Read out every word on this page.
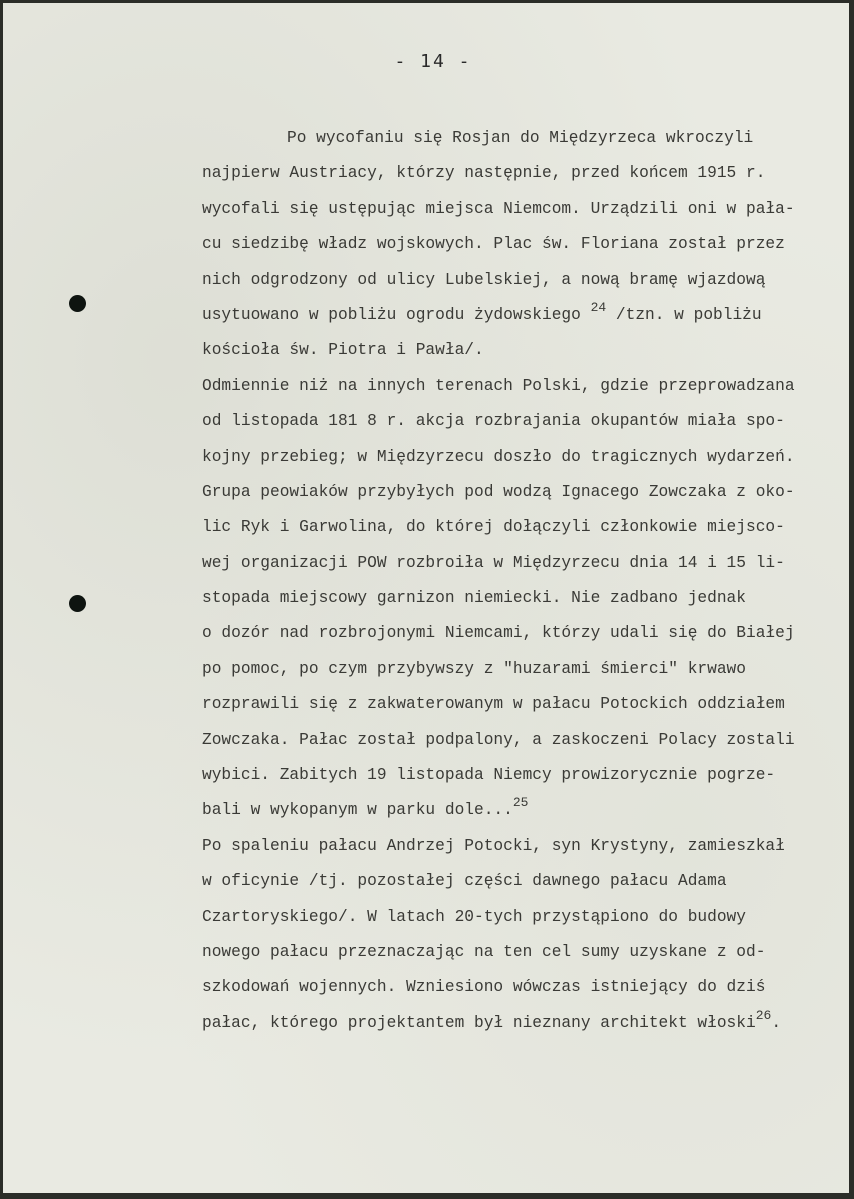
- 14 -
Po wycofaniu się Rosjan do Międzyrzeca wkroczyli
najpierw Austriacy, którzy następnie, przed końcem 1915 r.
wycofali się ustępując miejsca Niemcom. Urządzili oni w pała-
cu siedzibę władz wojskowych. Plac św. Floriana został przez
nich odgrodzony od ulicy Lubelskiej, a nową bramę wjazdową
usytuowano w pobliżu ogrodu żydowskiego $^{24}$ /tzn. w pobliżu
kościoła św. Piotra i Pawła/.
Odmiennie niż na innych terenach Polski, gdzie przeprowadzana
od listopada 181 8 r. akcja rozbrajania okupantów miała spo-
kojny przebieg; w Międzyrzecu doszło do tragicznych wydarzeń.
Grupa peowiaków przybyłych pod wodzą Ignacego Zowczaka z oko-
lic Ryk i Garwolina, do której dołączyli członkowie miejsco-
wej organizacji POW rozbroiła w Międzyrzecu dnia 14 i 15 li-
stopada miejscowy garnizon niemiecki. Nie zadbano jednak
o dozór nad rozbrojonymi Niemcami, którzy udali się do Białej
po pomoc, po czym przybywszy z "huzarami śmierci" krwawo
rozprawili się z zakwaterowanym w pałacu Potockich oddziałem
Zowczaka. Pałac został podpalony, a zaskoczeni Polacy zostali
wybici. Zabitych 19 listopada Niemcy prowizorycznie pogrze-
bali w wykopanym w parku dole...$^{25}$
Po spaleniu pałacu Andrzej Potocki, syn Krystyny, zamieszkał
w oficynie /tj. pozostałej części dawnego pałacu Adama
Czartoryskiego/. W latach 20-tych przystąpiono do budowy
nowego pałacu przeznaczając na ten cel sumy uzyskane z od-
szkodowań wojennych. Wzniesiono wówczas istniejący do dziś
pałac, którego projektantem był nieznany architekt włoski$^{26}$.
